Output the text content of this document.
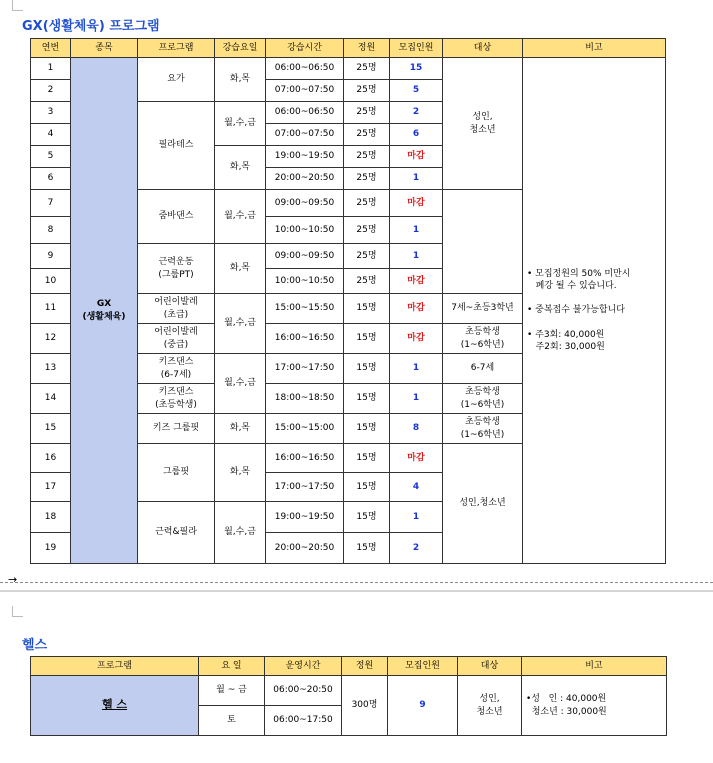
GX(생활체육) 프로그램
연번	종목	프로그램	강습요일	강습시간	정원	모집인원	대상	비고
1	GX
(생활체육)	요가	화,목	06:00~06:50	25명	15	성인,
청소년	• 모집정원의 50% 미만시
폐강 될 수 있습니다.

• 중복접수 불가능합니다

• 주3회: 40,000원
주2회: 30,000원

2				07:00~07:50	25명	5		
3		필라테스	월,수,금	06:00~06:50	25명	2		
4				07:00~07:50	25명	6		
5			화,목	19:00~19:50	25명	마감		
6				20:00~20:50	25명	1		
7		줌바댄스	월,수,금	09:00~09:50	25명	마감		
8				10:00~10:50	25명	1		
9		근력운동
(그룹PT)	화,목	09:00~09:50	25명	1		
10				10:00~10:50	25명	마감		
11		어린이발레
(초급)	월,수,금	15:00~15:50	15명	마감	7세~초등3학년	
12		어린이발레
(중급)		16:00~16:50	15명	마감	초등학생
(1~6학년)	

13		키즈댄스
(6-7세)	월,수,금	17:00~17:50	15명	1	6-7세	
14		키즈댄스
(초등학생)		18:00~18:50	15명	1	초등학생
(1~6학년)	

15		키즈 그룹핏	화,목	15:00~15:00	15명	8	초등학생
(1~6학년)	

16		그룹핏	화,목	16:00~16:50	15명	마감	성인,청소년	
17				17:00~17:50	15명	4		
18		근력&필라	월,수,금	19:00~19:50	15명	1		
19				20:00~20:50	15명	2		
→
헬스
프로그램	요 일	운영시간	정원	모집인원	대상	비고
헬 스	월 ~ 금	06:00~20:50	300명	9	성인,
청소년	•성   인 : 40,000원
청소년 : 30,000원

	토	06:00~17:50				
